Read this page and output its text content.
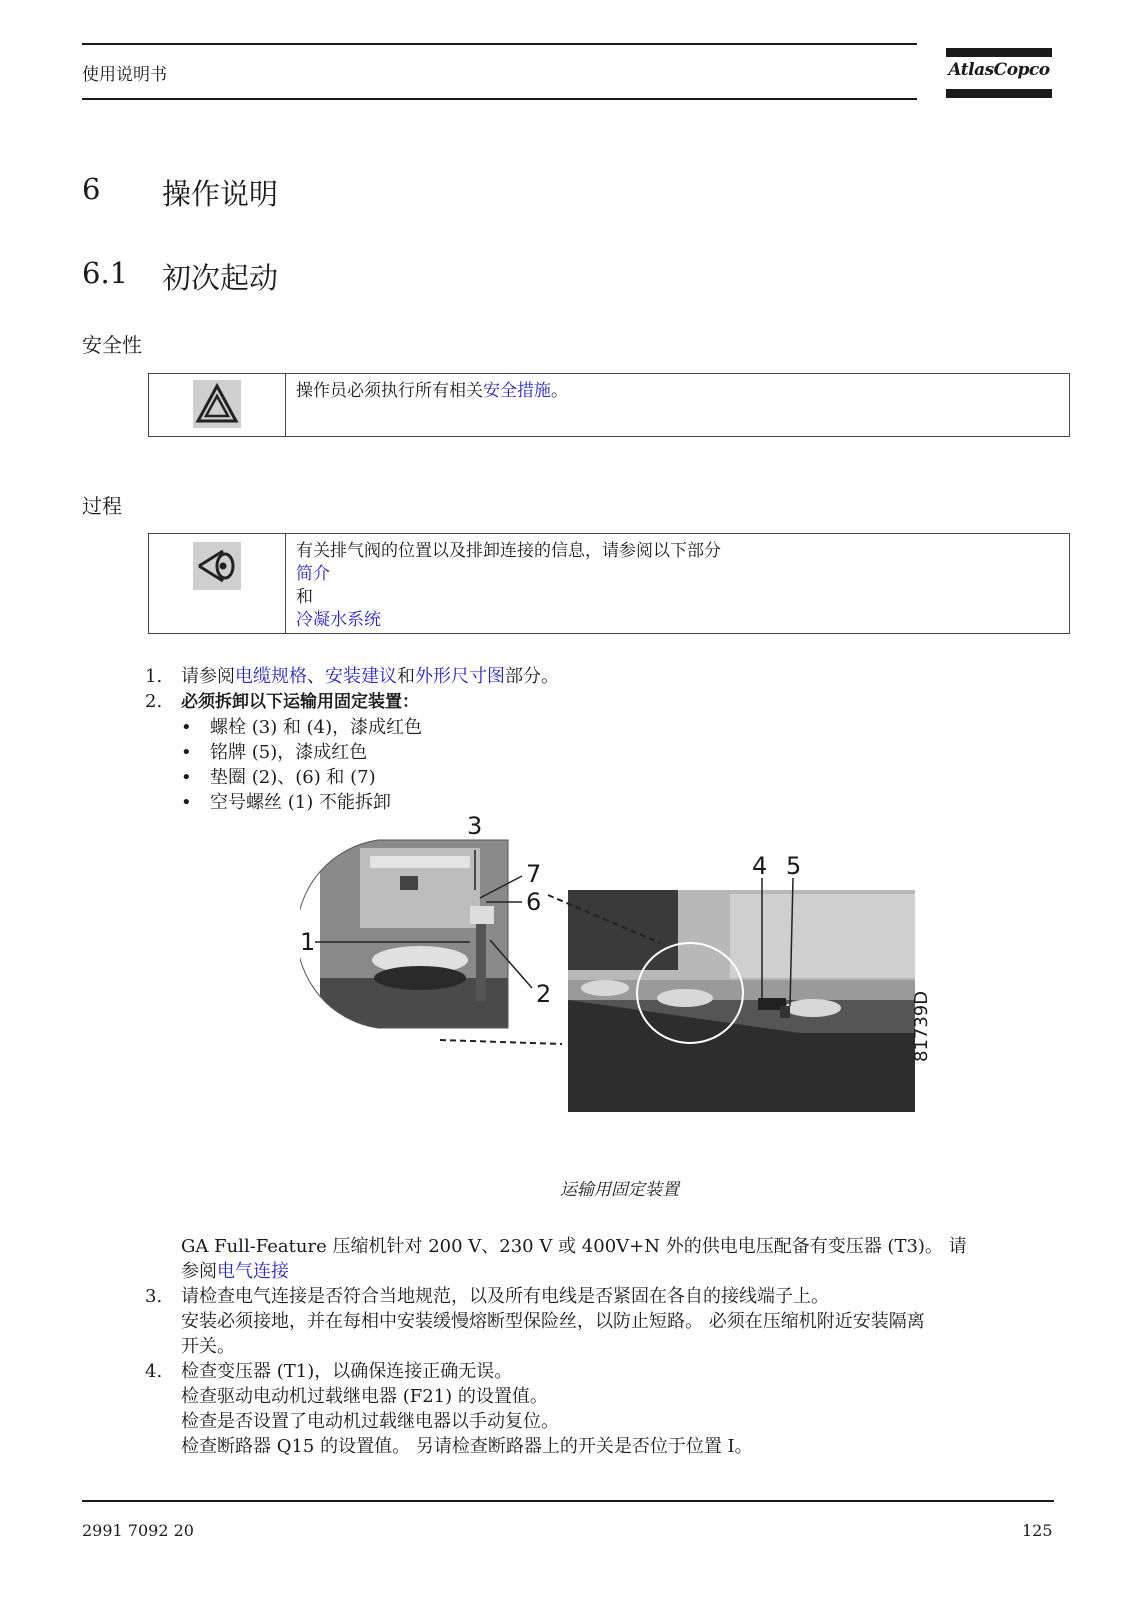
使用说明书	AtlasCopco
6 操作说明
6.1 初次起动
安全性
操作员必须执行所有相关安全措施。
过程
有关排气阀的位置以及排卸连接的信息，请参阅以下部分
简介
和
冷凝水系统
1. 请参阅电缆规格、安装建议和外形尺寸图部分。
2. 必须拆卸以下运输用固定装置：
• 螺栓 (3) 和 (4)，漆成红色
• 铭牌 (5)，漆成红色
• 垫圈 (2)、(6) 和 (7)
• 空号螺丝 (1) 不能拆卸
1
2
3
4 5
6
7
81739D
运输用固定装置
GA Full-Feature 压缩机针对 200 V、230 V 或 400V+N 外的供电电压配备有变压器 (T3)。 请
参阅电气连接
3. 请检查电气连接是否符合当地规范，以及所有电线是否紧固在各自的接线端子上。
安装必须接地，并在每相中安装缓慢熔断型保险丝，以防止短路。 必须在压缩机附近安装隔离
开关。
4. 检查变压器 (T1)，以确保连接正确无误。
检查驱动电动机过载继电器 (F21) 的设置值。
检查是否设置了电动机过载继电器以手动复位。
检查断路器 Q15 的设置值。 另请检查断路器上的开关是否位于位置 I。
2991 7092 20	125
